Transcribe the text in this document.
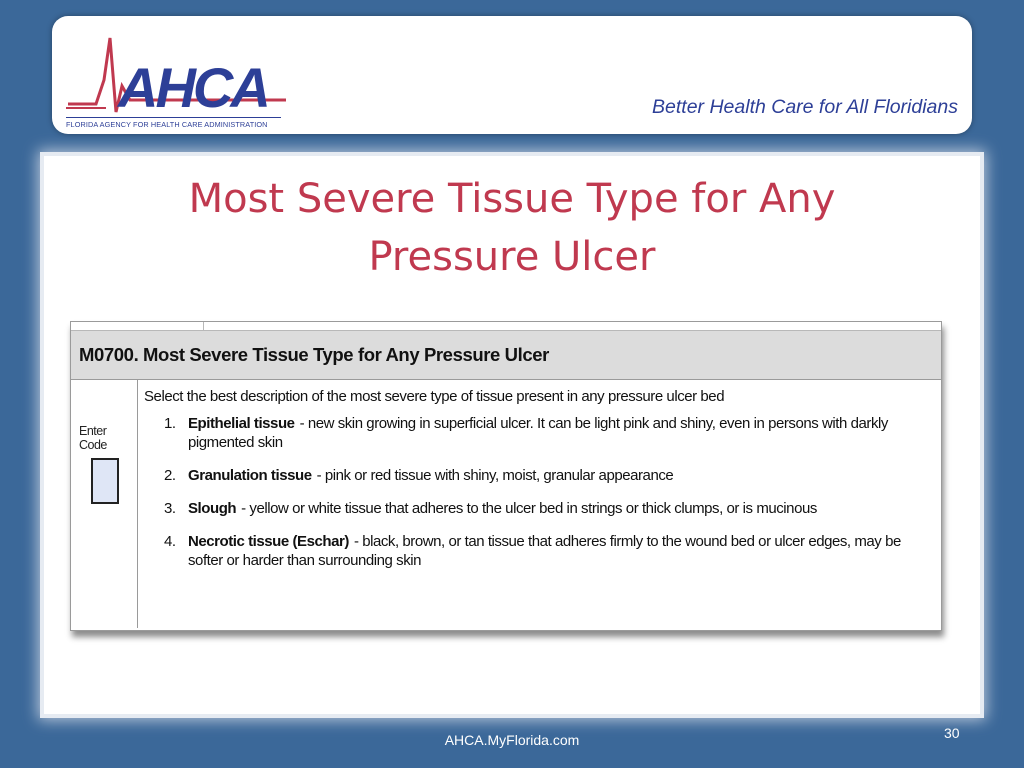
AHCA
FLORIDA AGENCY FOR HEALTH CARE ADMINISTRATION
Better Health Care for All Floridians
Most Severe Tissue Type for Any
Pressure Ulcer
M0700. Most Severe Tissue Type for Any Pressure Ulcer
Enter Code
Select the best description of the most severe type of tissue present in any pressure ulcer bed
1. Epithelial tissue - new skin growing in superficial ulcer. It can be light pink and shiny, even in persons with darkly pigmented skin
2. Granulation tissue - pink or red tissue with shiny, moist, granular appearance
3. Slough - yellow or white tissue that adheres to the ulcer bed in strings or thick clumps, or is mucinous
4. Necrotic tissue (Eschar) - black, brown, or tan tissue that adheres firmly to the wound bed or ulcer edges, may be softer or harder than surrounding skin
30
AHCA.MyFlorida.com
